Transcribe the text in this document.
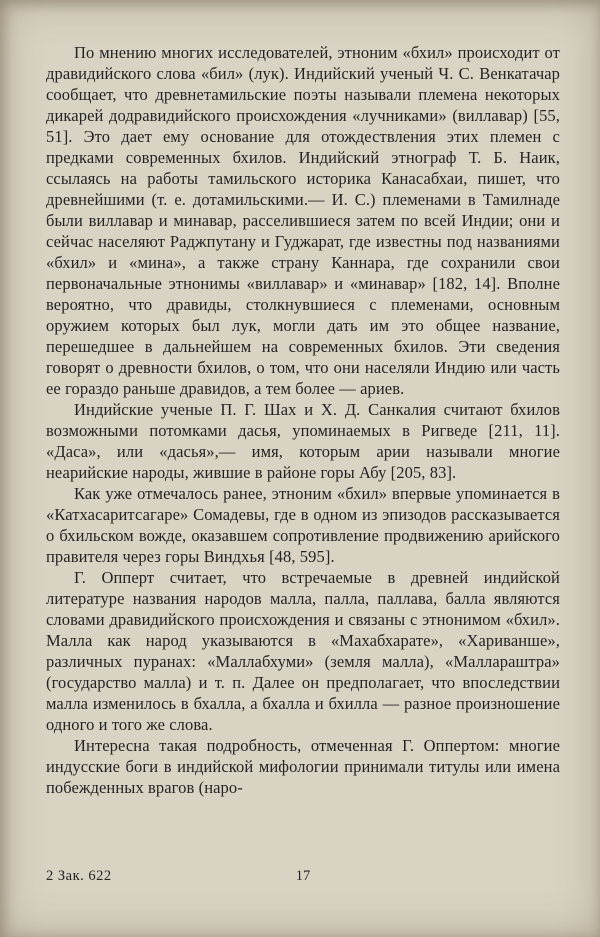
По мнению многих исследователей, этноним «бхил» происходит от дравидийского слова «бил» (лук). Индийский ученый Ч. С. Венкатачар сообщает, что древнетамильские поэты называли племена некоторых дикарей додравидийского происхождения «лучниками» (виллавар) [55, 51]. Это дает ему основание для отождествления этих племен с предками современных бхилов. Индийский этнограф Т. Б. Наик, ссылаясь на работы тамильского историка Канасабхаи, пишет, что древнейшими (т. е. дотамильскими.— И. С.) племенами в Тамилнаде были виллавар и минавар, расселившиеся затем по всей Индии; они и сейчас населяют Раджпутану и Гуджарат, где известны под названиями «бхил» и «мина», а также страну Каннара, где сохранили свои первоначальные этнонимы «виллавар» и «минавар» [182, 14]. Вполне вероятно, что дравиды, столкнувшиеся с племенами, основным оружием которых был лук, могли дать им это общее название, перешедшее в дальнейшем на современных бхилов. Эти сведения говорят о древности бхилов, о том, что они населяли Индию или часть ее гораздо раньше дравидов, а тем более — ариев.

Индийские ученые П. Г. Шах и Х. Д. Санкалия считают бхилов возможными потомками дасья, упоминаемых в Ригведе [211, 11]. «Даса», или «дасья»,— имя, которым арии называли многие неарийские народы, жившие в районе горы Абу [205, 83].

Как уже отмечалось ранее, этноним «бхил» впервые упоминается в «Катхасаритсагаре» Сомадевы, где в одном из эпизодов рассказывается о бхильском вожде, оказавшем сопротивление продвижению арийского правителя через горы Виндхья [48, 595].

Г. Опперт считает, что встречаемые в древней индийской литературе названия народов малла, палла, паллава, балла являются словами дравидийского происхождения и связаны с этнонимом «бхил». Малла как народ указываются в «Махабхарате», «Хариванше», различных пуранах: «Маллабхуми» (земля малла), «Маллараштра» (государство малла) и т. п. Далее он предполагает, что впоследствии малла изменилось в бхалла, а бхалла и бхилла — разное произношение одного и того же слова.

Интересна такая подробность, отмеченная Г. Оппертом: многие индусские боги в индийской мифологии принимали титулы или имена побежденных врагов (наро-

2 Зак. 622	17
